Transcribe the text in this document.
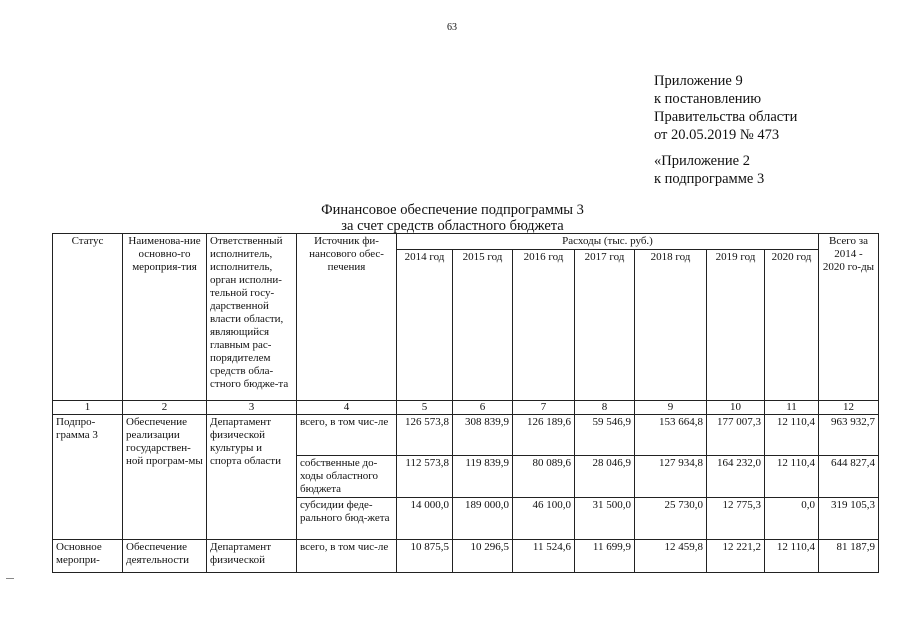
63
Приложение 9
к постановлению
Правительства области
от 20.05.2019 № 473
«Приложение 2
к подпрограмме 3
Финансовое обеспечение подпрограммы 3
за счет средств областного бюджета
Статус	Наименова-ние основно-го мероприя-тия	Ответственный исполнитель, исполнитель, орган исполни-тельной госу-дарственной власти области, являющийся главным рас-порядителем средств обла-стного бюдже-та	Источник фи-нансового обес-печения	Расходы (тыс. руб.)							Всего за 2014 - 2020 го-ды
				2014 год	2015 год	2016 год	2017 год	2018 год	2019 год	2020 год	
1	2	3	4	5	6	7	8	9	10	11	12
Подпро-грамма 3	Обеспечение реализации государствен-ной програм-мы	Департамент физической культуры и спорта области	всего, в том чис-ле	126 573,8	308 839,9	126 189,6	59 546,9	153 664,8	177 007,3	12 110,4	963 932,7
			собственные до-ходы областного бюджета	112 573,8	119 839,9	80 089,6	28 046,9	127 934,8	164 232,0	12 110,4	644 827,4
			субсидии феде-рального бюд-жета	14 000,0	189 000,0	46 100,0	31 500,0	25 730,0	12 775,3	0,0	319 105,3
Основное меропри-	Обеспечение деятельности	Департамент физической	всего, в том чис-ле	10 875,5	10 296,5	11 524,6	11 699,9	12 459,8	12 221,2	12 110,4	81 187,9
